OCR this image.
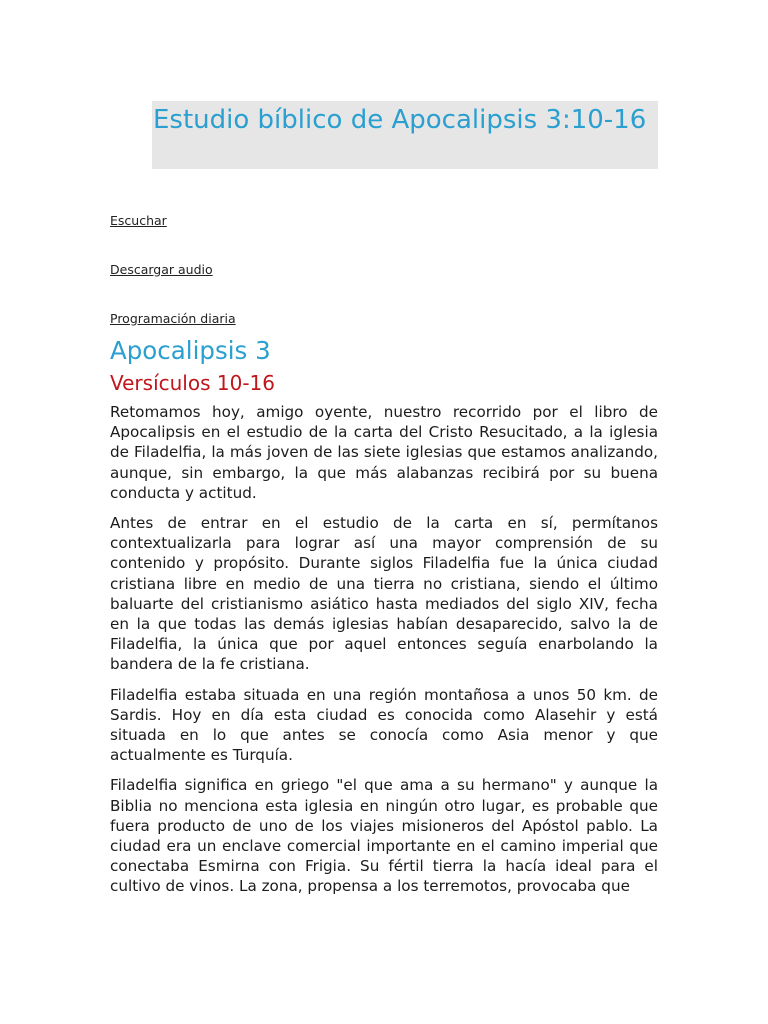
Estudio bíblico de Apocalipsis 3:10-16
Escuchar
Descargar audio
Programación diaria
Apocalipsis 3
Versículos 10-16

Retomamos hoy, amigo oyente, nuestro recorrido por el libro de Apocalipsis en el estudio de la carta del Cristo Resucitado, a la iglesia de Filadelfia, la más joven de las siete iglesias que estamos analizando, aunque, sin embargo, la que más alabanzas recibirá por su buena conducta y actitud.

Antes de entrar en el estudio de la carta en sí, permítanos contextualizarla para lograr así una mayor comprensión de su contenido y propósito. Durante siglos Filadelfia fue la única ciudad cristiana libre en medio de una tierra no cristiana, siendo el último baluarte del cristianismo asiático hasta mediados del siglo XIV, fecha en la que todas las demás iglesias habían desaparecido, salvo la de Filadelfia, la única que por aquel entonces seguía enarbolando la bandera de la fe cristiana.

Filadelfia estaba situada en una región montañosa a unos 50 km. de Sardis. Hoy en día esta ciudad es conocida como Alasehir y está situada en lo que antes se conocía como Asia menor y que actualmente es Turquía.

Filadelfia significa en griego "el que ama a su hermano" y aunque la Biblia no menciona esta iglesia en ningún otro lugar, es probable que fuera producto de uno de los viajes misioneros del Apóstol pablo. La ciudad era un enclave comercial importante en el camino imperial que conectaba Esmirna con Frigia. Su fértil tierra la hacía ideal para el cultivo de vinos. La zona, propensa a los terremotos, provocaba que
